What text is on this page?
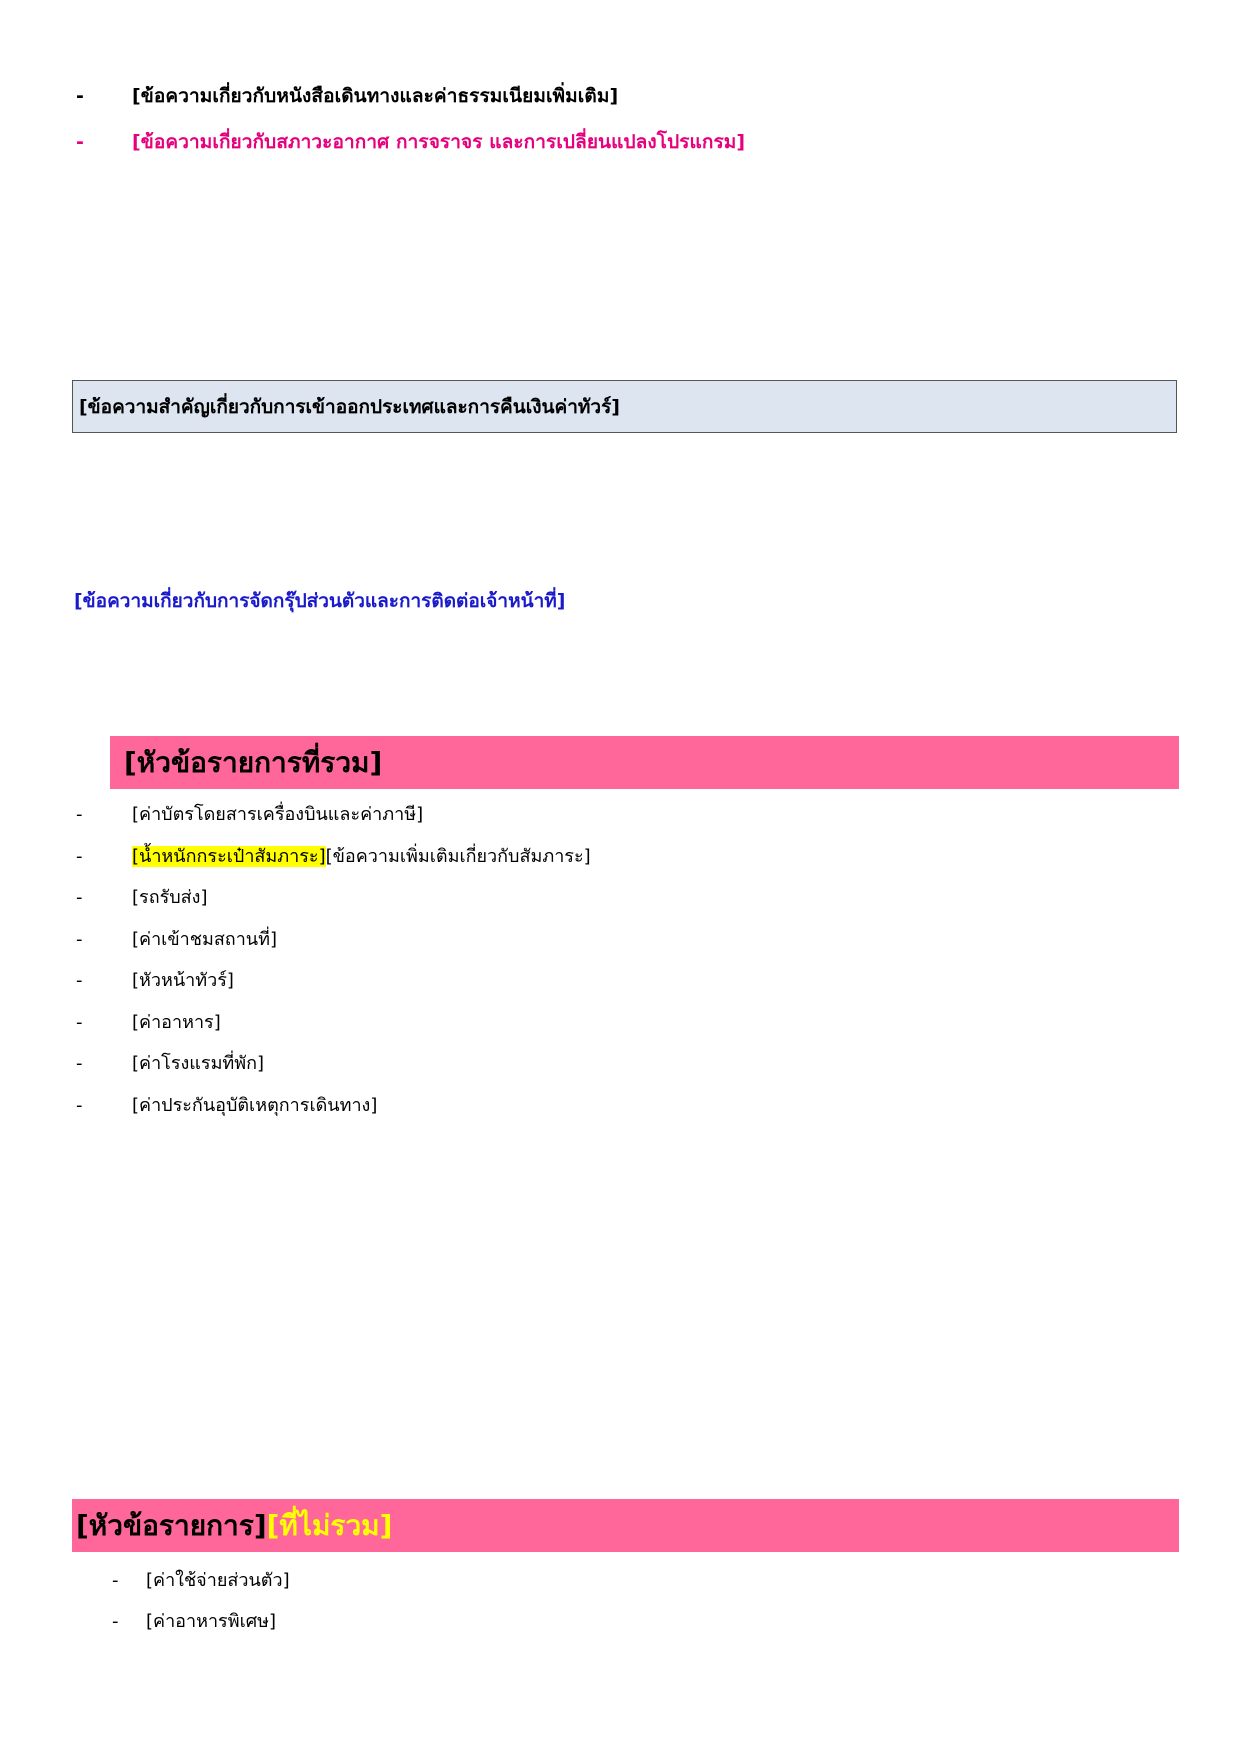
-	[ข้อความเกี่ยวกับหนังสือเดินทางและค่าธรรมเนียมเพิ่มเติม]
-	[ข้อความเกี่ยวกับสภาวะอากาศ การจราจร และการเปลี่ยนแปลงโปรแกรม]
[ข้อความสำคัญเกี่ยวกับการเข้าออกประเทศและการคืนเงินค่าทัวร์]
[ข้อความเกี่ยวกับการจัดกรุ๊ปส่วนตัวและการติดต่อเจ้าหน้าที่]
[หัวข้อรายการที่รวม]
-	[ค่าบัตรโดยสารเครื่องบินและค่าภาษี]
-	[น้ำหนักกระเป๋าสัมภาระ][ข้อความเพิ่มเติมเกี่ยวกับสัมภาระ]
-	[รถรับส่ง]
-	[ค่าเข้าชมสถานที่]
-	[หัวหน้าทัวร์]
-	[ค่าอาหาร]
-	[ค่าโรงแรมที่พัก]
-	[ค่าประกันอุบัติเหตุการเดินทาง]
[หัวข้อรายการ][ที่ไม่รวม]
-	[ค่าใช้จ่ายส่วนตัว]
-	[ค่าอาหารพิเศษ]
